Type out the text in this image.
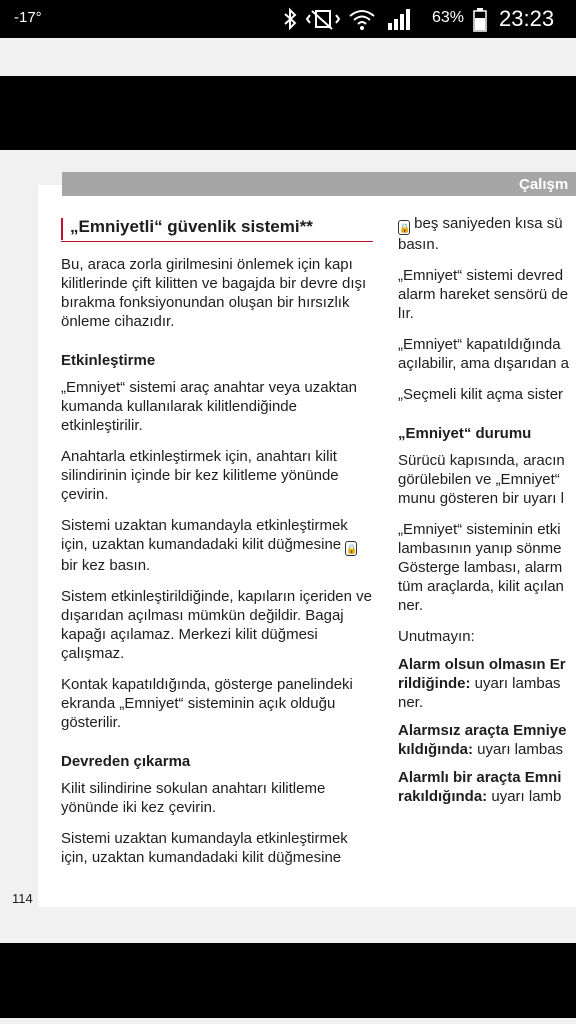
-17°	63% 23:23
Çalışm
„Emniyetli“ güvenlik sistemi**

Bu, araca zorla girilmesini önlemek için kapı kilitlerinde çift kilitten ve bagajda bir devre dışı bırakma fonksiyonundan oluşan bir hırsızlık önleme cihazıdır.

Etkinleştirme

„Emniyet“ sistemi araç anahtar veya uzaktan kumanda kullanılarak kilitlendiğinde etkinleştirilir.

Anahtarla etkinleştirmek için, anahtarı kilit silindirinin içinde bir kez kilitleme yönünde çevirin.

Sistemi uzaktan kumandayla etkinleştirmek için, uzaktan kumandadaki kilit düğmesine 🔒 bir kez basın.

Sistem etkinleştirildiğinde, kapıların içeriden ve dışarıdan açılması mümkün değildir. Bagaj kapağı açılamaz. Merkezi kilit düğmesi çalışmaz.

Kontak kapatıldığında, gösterge panelindeki ekranda „Emniyet“ sisteminin açık olduğu gösterilir.

Devreden çıkarma

Kilit silindirine sokulan anahtarı kilitleme yönünde iki kez çevirin.

Sistemi uzaktan kumandayla etkinleştirmek için, uzaktan kumandadaki kilit düğmesine

🔒 beş saniyeden kısa sü
basın.

„Emniyet“ sistemi devred
alarm hareket sensörü de
lır.

„Emniyet“ kapatıldığında
açılabilir, ama dışarıdan a

„Seçmeli kilit açma sister

„Emniyet“ durumu

Sürücü kapısında, aracın
görülebilen ve „Emniyet“
munu gösteren bir uyarı l

„Emniyet“ sisteminin etki
lambasının yanıp sönme
Gösterge lambası, alarm
tüm araçlarda, kilit açılan
ner.

Unutmayın:

Alarm olsun olmasın Er
rildiğinde: uyarı lambas
ner.

Alarmsız araçta Emniye
kıldığında: uyarı lambas

Alarmlı bir araçta Emni
rakıldığında: uyarı lamb

114
